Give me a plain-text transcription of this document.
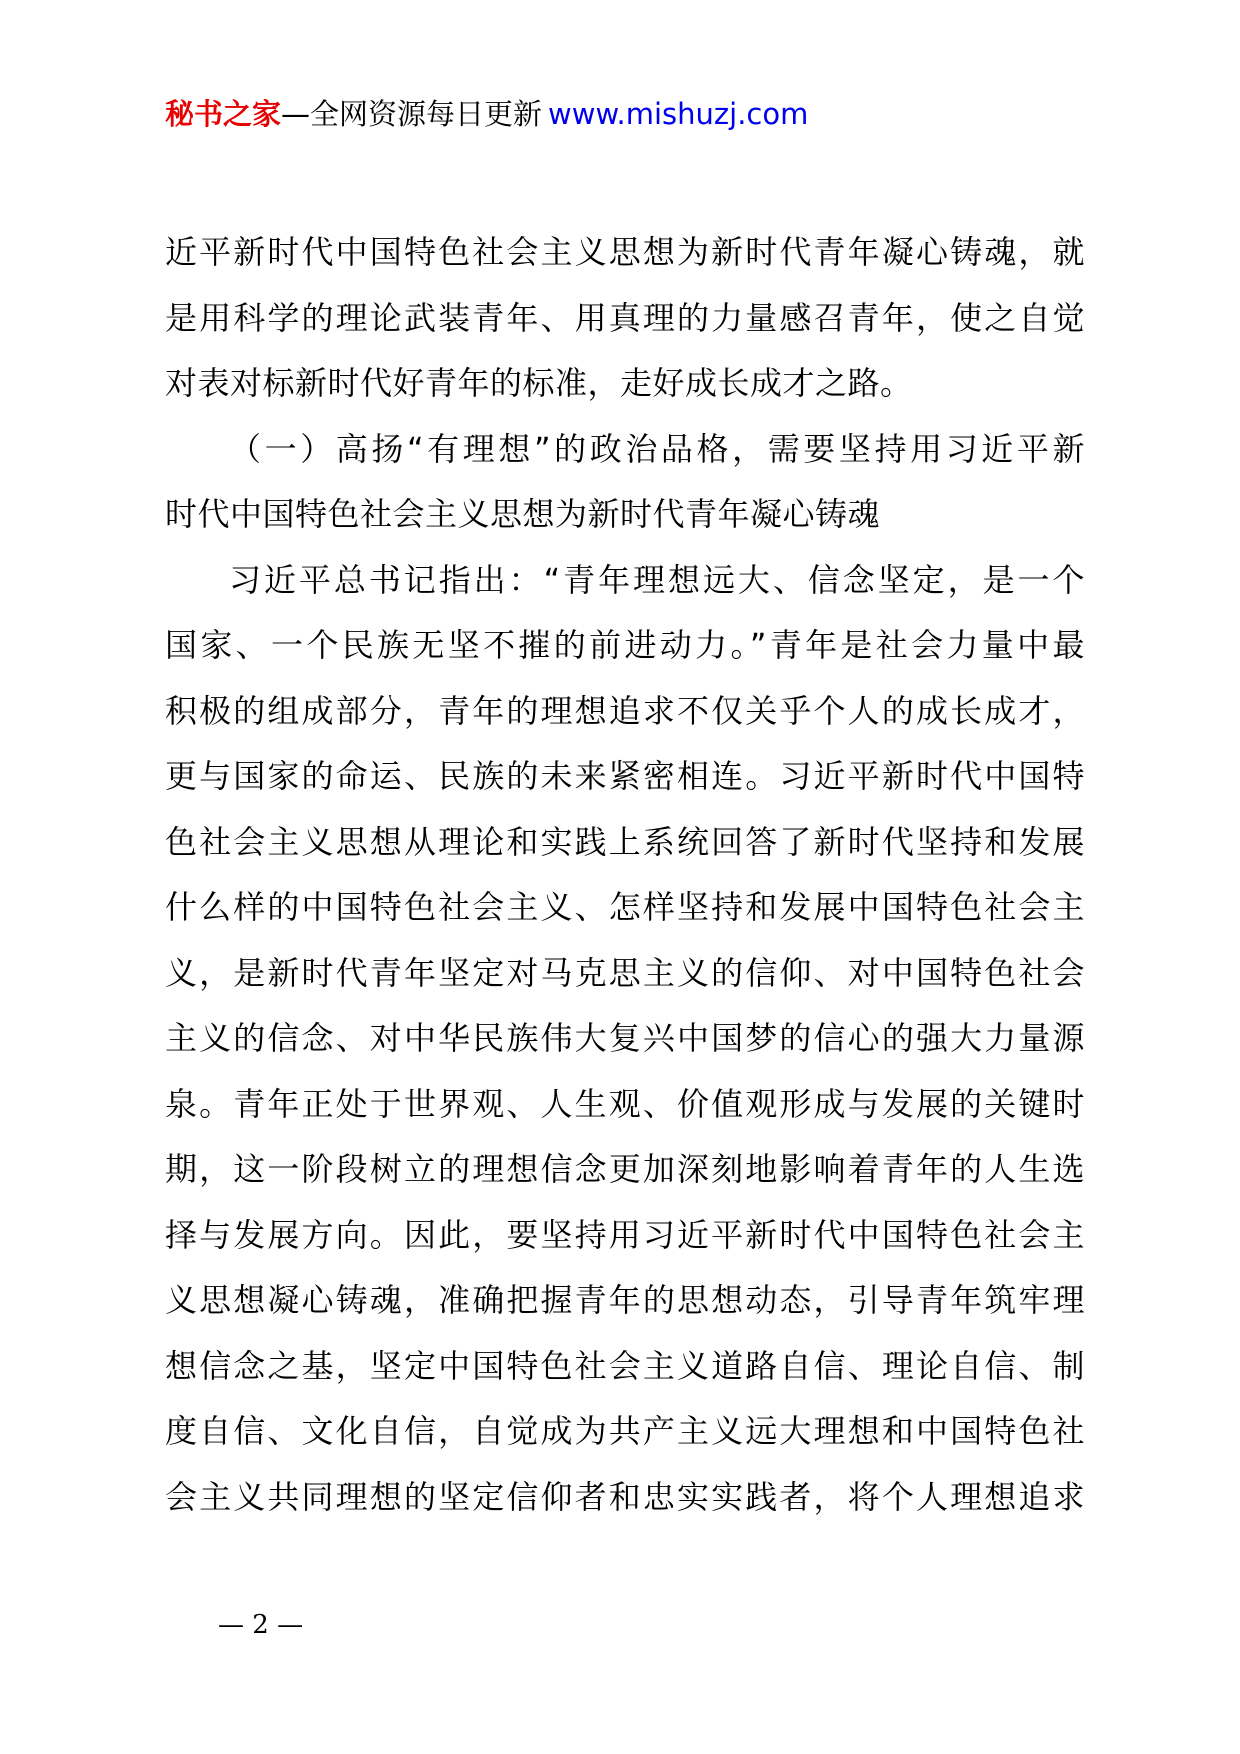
秘书之家—全网资源每日更新 www.mishuzj.com
近平新时代中国特色社会主义思想为新时代青年凝心铸魂，就
是用科学的理论武装青年、用真理的力量感召青年，使之自觉
对表对标新时代好青年的标准，走好成长成才之路。
（一）高扬“有理想”的政治品格，需要坚持用习近平新
时代中国特色社会主义思想为新时代青年凝心铸魂
习近平总书记指出：“青年理想远大、信念坚定，是一个
国家、一个民族无坚不摧的前进动力。”青年是社会力量中最
积极的组成部分，青年的理想追求不仅关乎个人的成长成才，
更与国家的命运、民族的未来紧密相连。习近平新时代中国特
色社会主义思想从理论和实践上系统回答了新时代坚持和发展
什么样的中国特色社会主义、怎样坚持和发展中国特色社会主
义，是新时代青年坚定对马克思主义的信仰、对中国特色社会
主义的信念、对中华民族伟大复兴中国梦的信心的强大力量源
泉。青年正处于世界观、人生观、价值观形成与发展的关键时
期，这一阶段树立的理想信念更加深刻地影响着青年的人生选
择与发展方向。因此，要坚持用习近平新时代中国特色社会主
义思想凝心铸魂，准确把握青年的思想动态，引导青年筑牢理
想信念之基，坚定中国特色社会主义道路自信、理论自信、制
度自信、文化自信，自觉成为共产主义远大理想和中国特色社
会主义共同理想的坚定信仰者和忠实实践者，将个人理想追求
— 2 —
